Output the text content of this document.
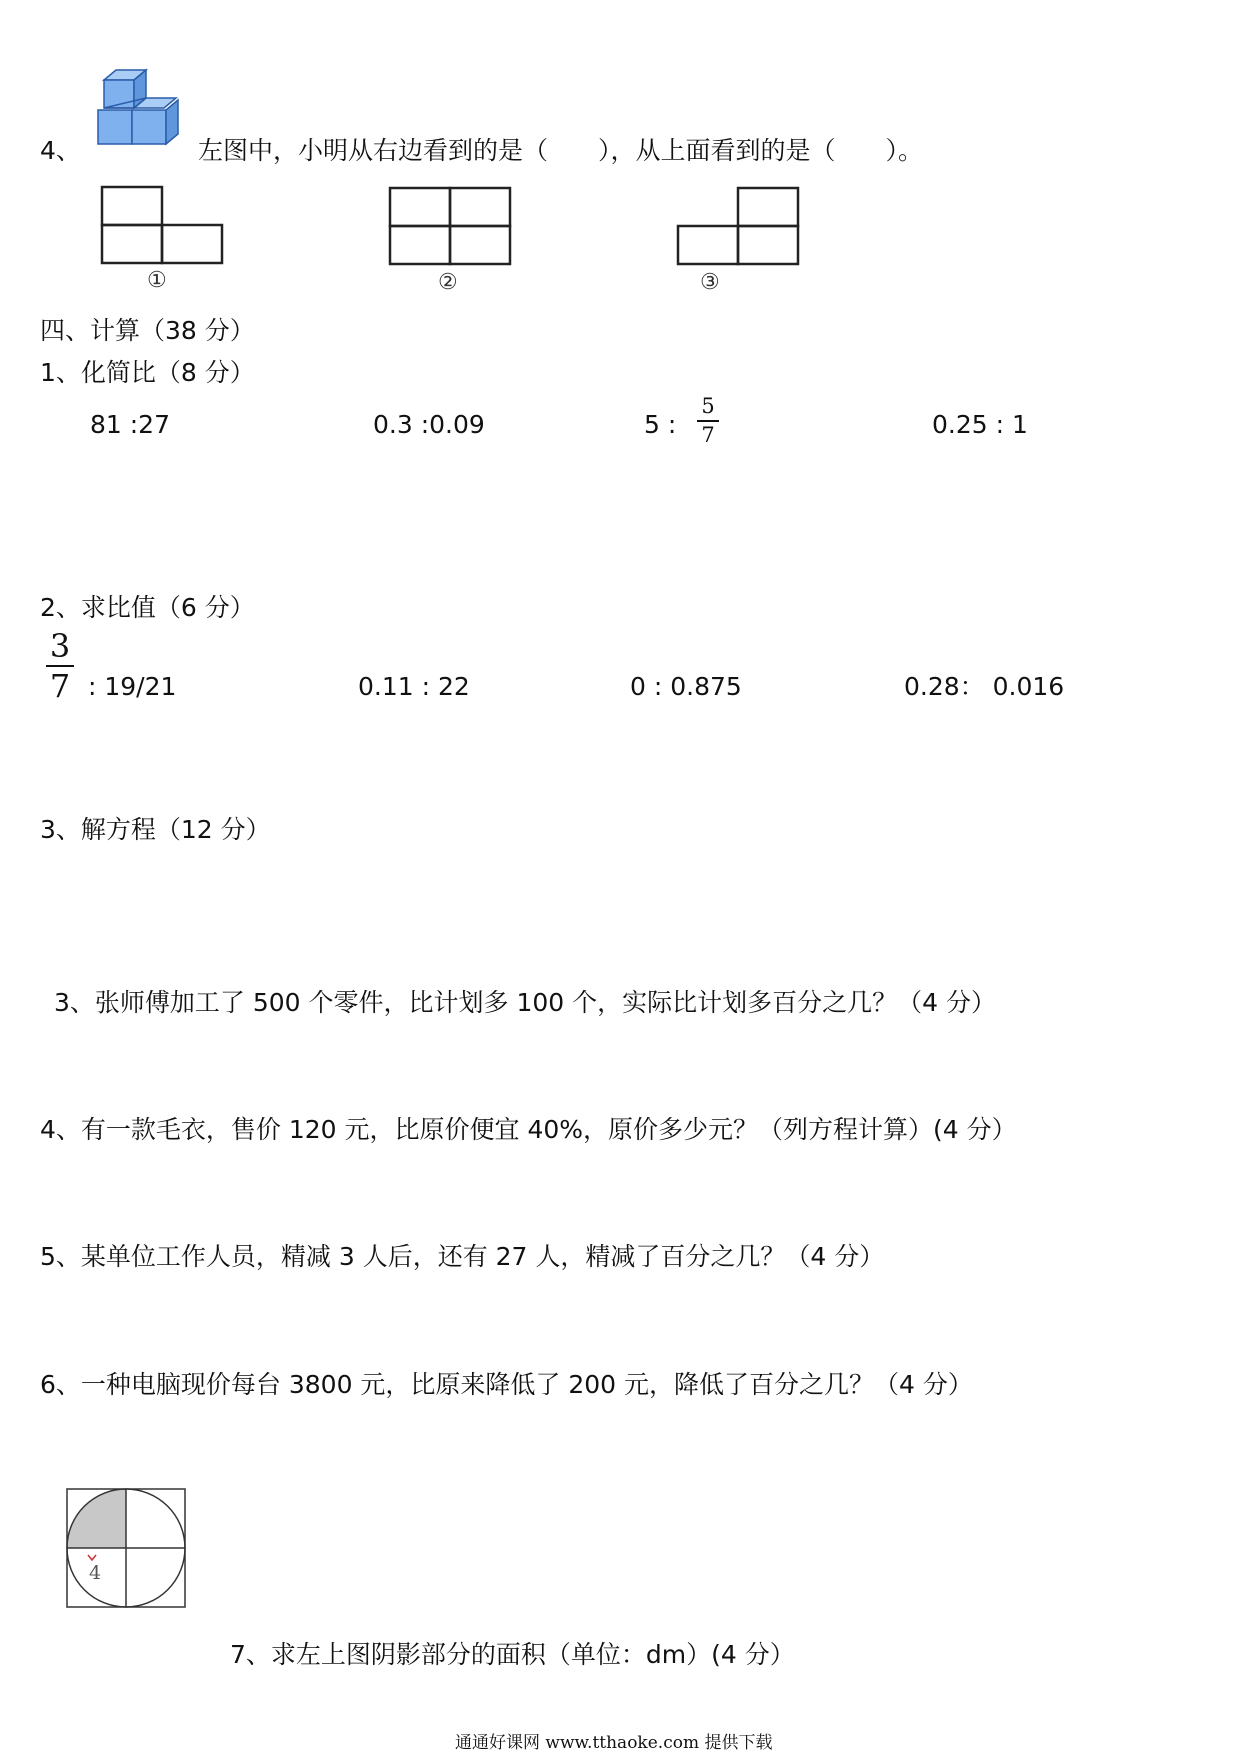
4、	左图中，小明从右边看到的是（　　），从上面看到的是（　　）。
①	②	③
四、计算（38 分）
1、化简比（8 分）
81 :27	0.3 :0.09	5 :
5
7	0.25 : 1
2、求比值（6 分）
3
7 : 19/21	0.11 : 22	0 : 0.875	0.28： 0.016
3、解方程（12 分）
3、张师傅加工了 500 个零件，比计划多 100 个，实际比计划多百分之几？（4 分）
4、有一款毛衣，售价 120 元，比原价便宜 40%，原价多少元？（列方程计算）(4 分）
5、某单位工作人员，精减 3 人后，还有 27 人，精减了百分之几？（4 分）
6、一种电脑现价每台 3800 元，比原来降低了 200 元，降低了百分之几？（4 分）
4
7、求左上图阴影部分的面积（单位：dm）(4 分）
通通好课网 www.tthaoke.com 提供下载
